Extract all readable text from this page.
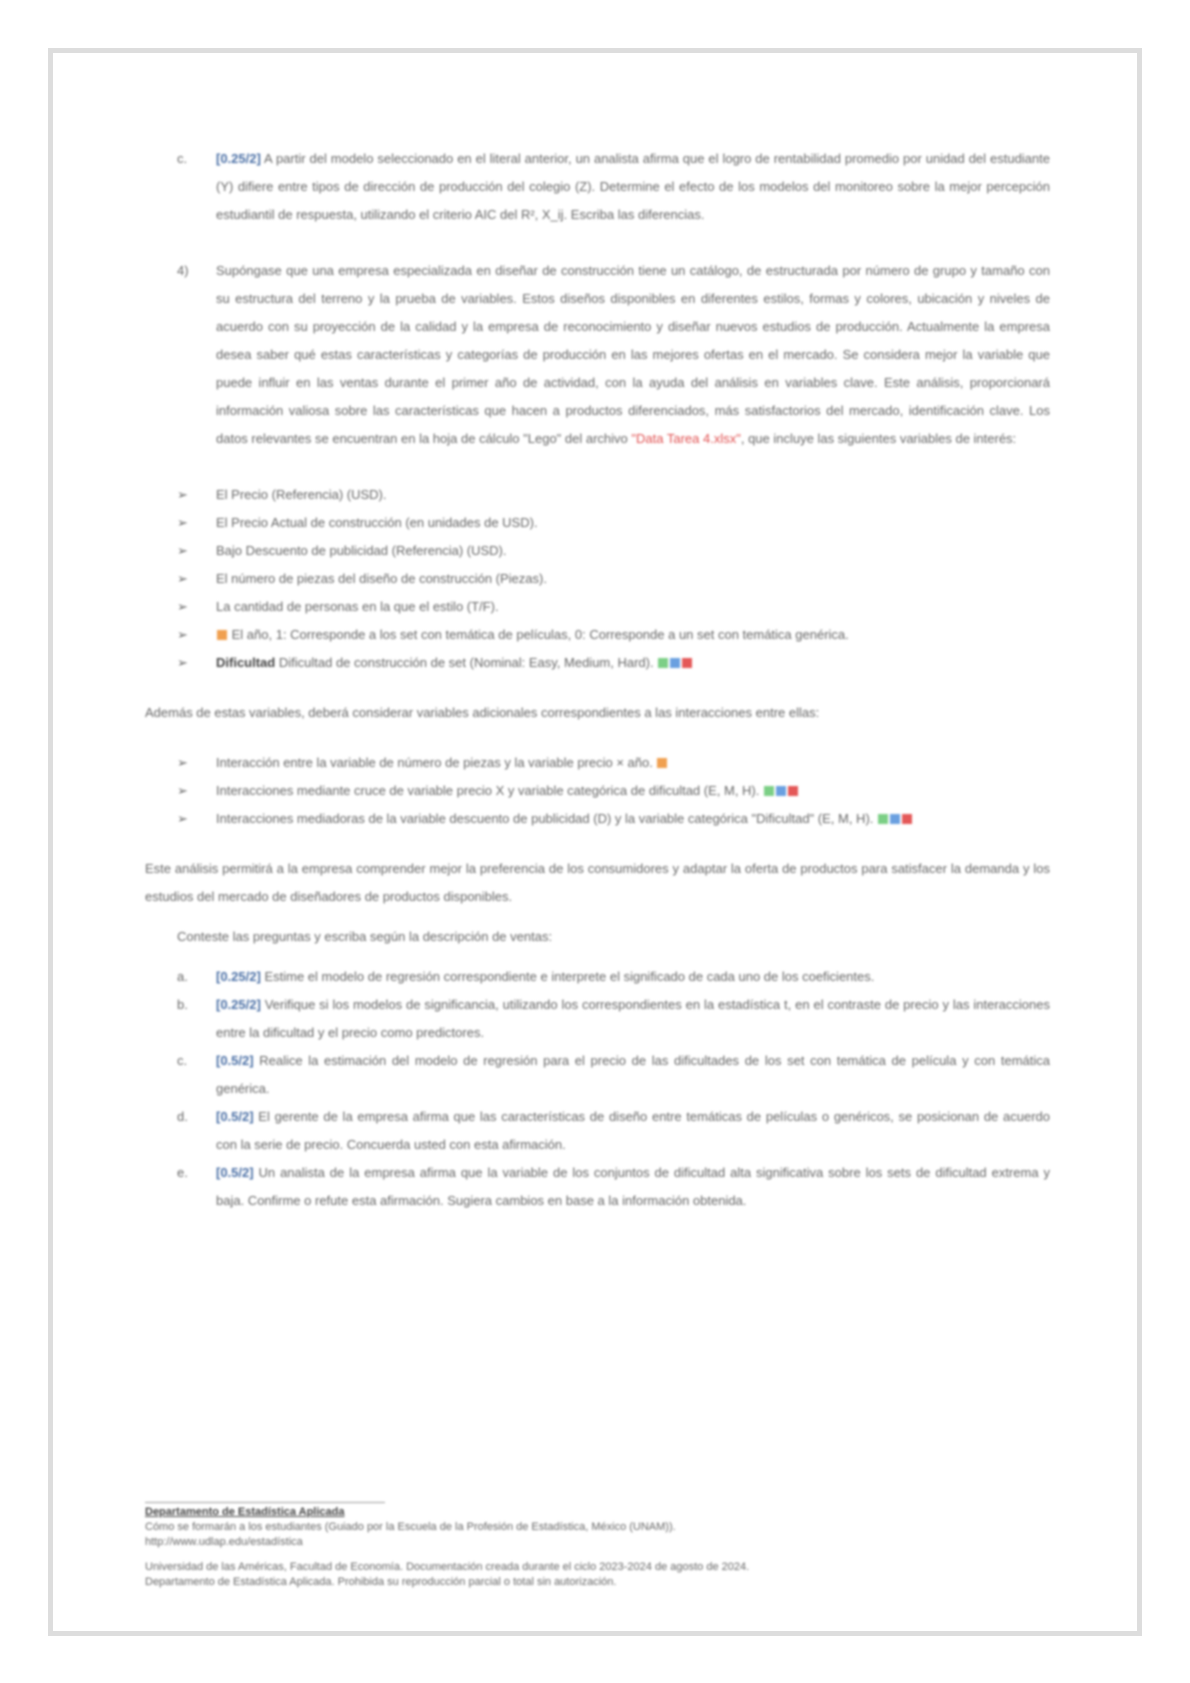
c. [0.25/2] A partir del modelo seleccionado en el literal anterior, un analista afirma que el logro de rentabilidad promedio por unidad del estudiante (Y) difiere entre tipos de dirección de producción del colegio (Z). Determine el efecto de los modelos del monitoreo sobre la mejor percepción estudiantil de respuesta, utilizando el criterio AIC del R², X_ij. Escriba las diferencias.
4) Supóngase que una empresa especializada en diseñar de construcción tiene un catálogo, de estructurada por número de grupo y tamaño con su estructura del terreno y la prueba de variables. Estos diseños disponibles en diferentes estilos, formas y colores, ubicación y niveles de acuerdo con su proyección de la calidad y la empresa de reconocimiento y diseñar nuevos estudios de producción. Actualmente la empresa desea saber qué estas características y categorías de producción en las mejores ofertas en el mercado. Se considera mejor la variable que puede influir en las ventas durante el primer año de actividad, con la ayuda del análisis en variables clave. Este análisis, proporcionará información valiosa sobre las características que hacen a productos diferenciados, más satisfactorios del mercado, identificación clave. Los datos relevantes se encuentran en la hoja de cálculo "Lego" del archivo "Data Tarea 4.xlsx", que incluye las siguientes variables de interés:
➢ El Precio (Referencia) (USD).
➢ El Precio Actual de construcción (en unidades de USD).
➢ Bajo Descuento de publicidad (Referencia) (USD).
➢ El número de piezas del diseño de construcción (Piezas).
➢ La cantidad de personas en la que el estilo (T/F).
➢	El año, 1: Corresponde a los set con temática de películas, 0: Corresponde a un set con temática genérica.
➢ Dificultad Dificultad de construcción de set (Nominal: Easy, Medium, Hard).

Además de estas variables, deberá considerar variables adicionales correspondientes a las interacciones entre ellas:

➢ Interacción entre la variable de número de piezas y la variable precio × año.
➢ Interacciones mediante cruce de variable precio X y variable categórica de dificultad (E, M, H).
➢ Interacciones mediadoras de la variable descuento de publicidad (D) y la variable categórica "Dificultad" (E, M, H).

Este análisis permitirá a la empresa comprender mejor la preferencia de los consumidores y adaptar la oferta de productos para satisfacer la demanda y los estudios del mercado de diseñadores de productos disponibles.

Conteste las preguntas y escriba según la descripción de ventas:

a. [0.25/2] Estime el modelo de regresión correspondiente e interprete el significado de cada uno de los coeficientes.
b. [0.25/2] Verifique si los modelos de significancia, utilizando los correspondientes en la estadística t, en el contraste de precio y las interacciones entre la dificultad y el precio como predictores.
c. [0.5/2] Realice la estimación del modelo de regresión para el precio de las dificultades de los set con temática de película y con temática genérica.
d. [0.5/2] El gerente de la empresa afirma que las características de diseño entre temáticas de películas o genéricos, se posicionan de acuerdo con la serie de precio. Concuerda usted con esta afirmación.
e. [0.5/2] Un analista de la empresa afirma que la variable de los conjuntos de dificultad alta significativa sobre los sets de dificultad extrema y baja. Confirme o refute esta afirmación. Sugiera cambios en base a la información obtenida.
Departamento de Estadística Aplicada
Cómo se formarán a los estudiantes (Guiado por la Escuela de la Profesión de Estadística, México (UNAM)).
http://www.udlap.edu/estadística
Universidad de las Américas, Facultad de Economía. Documentación creada durante el ciclo 2023-2024 de agosto de 2024.
Departamento de Estadística Aplicada. Prohibida su reproducción parcial o total sin autorización.
